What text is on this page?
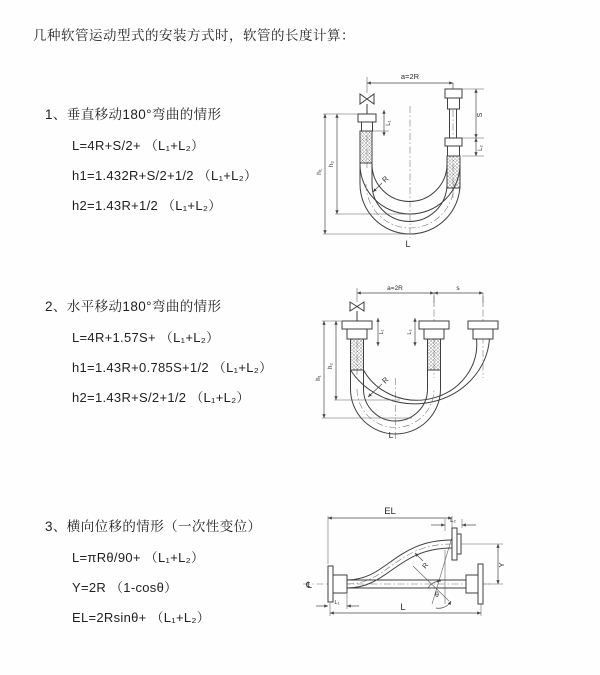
几种软管运动型式的安装方式时，软管的长度计算：
1、垂直移动180°弯曲的情形
L=4R+S/2+ （L₁+L₂）
h1=1.432R+S/2+1/2 （L₁+L₂）
h2=1.43R+1/2 （L₁+L₂）
2、水平移动180°弯曲的情形
L=4R+1.57S+ （L₁+L₂）
h1=1.43R+0.785S+1/2 （L₁+L₂）
h2=1.43R+S/2+1/2 （L₁+L₂）
3、横向位移的情形（一次性变位）
L=πRθ/90+ （L₁+L₂）
Y=2R （1-cosθ）
EL=2Rsinθ+ （L₁+L₂）
a=2R
S
L₂
L₁
h₁
h₂
R
L
a=2R	s
L₁	L₂
h₁
h₂
R
L
℄
EL
L₂
θ
R	Y
L₁	L
